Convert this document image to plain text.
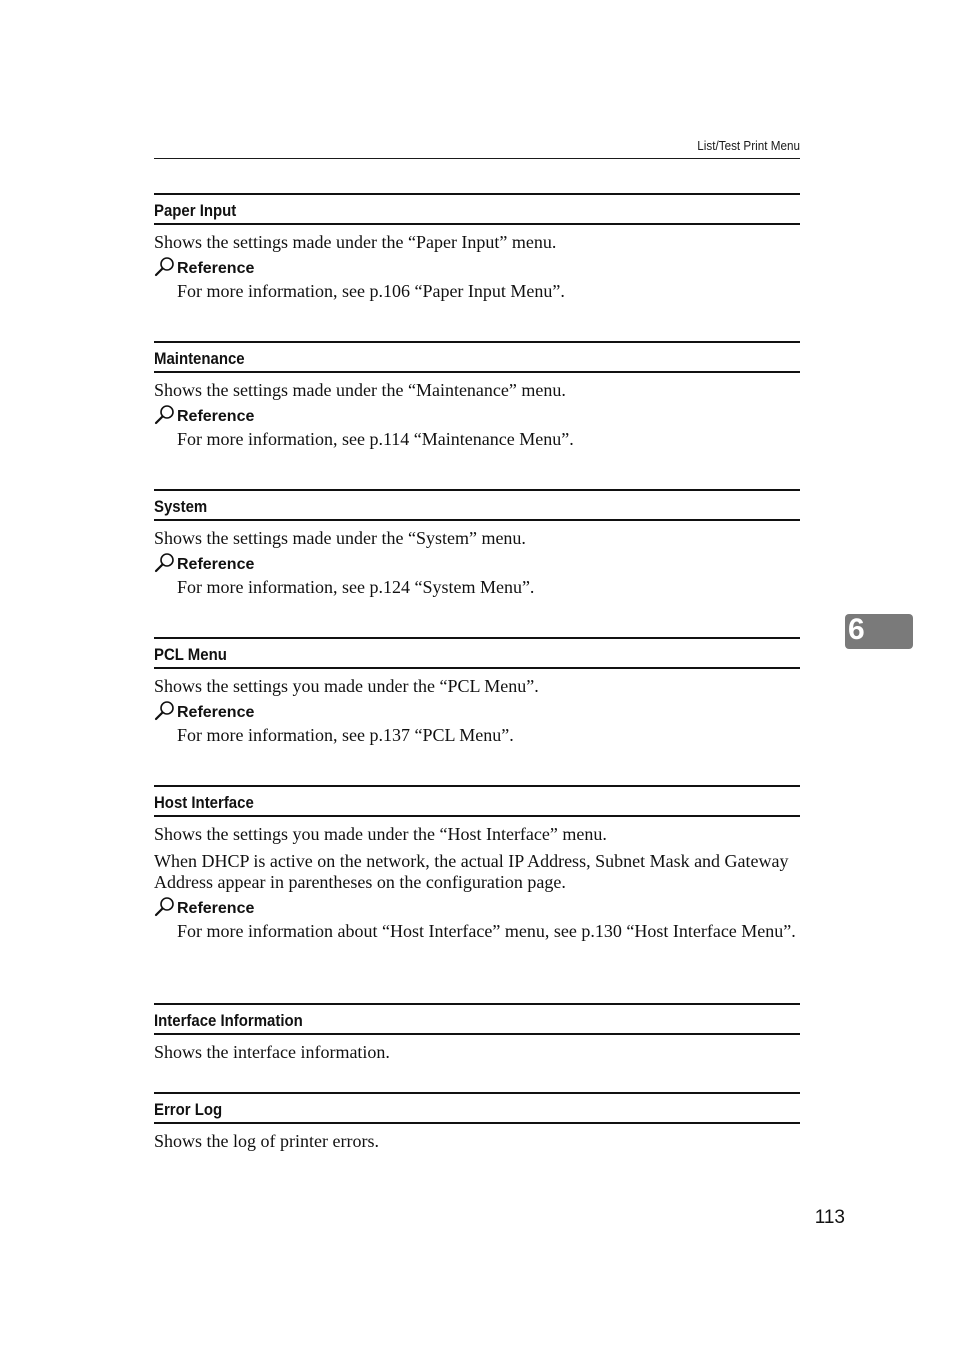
List/Test Print Menu
Paper Input

Shows the settings made under the “Paper Input” menu.

Reference

For more information, see p.106 “Paper Input Menu”.

Maintenance

Shows the settings made under the “Maintenance” menu.

Reference

For more information, see p.114 “Maintenance Menu”.

System

Shows the settings made under the “System” menu.

Reference

For more information, see p.124 “System Menu”.

PCL Menu

Shows the settings you made under the “PCL Menu”.

Reference

For more information, see p.137 “PCL Menu”.

Host Interface

Shows the settings you made under the “Host Interface” menu.

When DHCP is active on the network, the actual IP Address, Subnet Mask and Gateway Address appear in parentheses on the configuration page.

Reference

For more information about “Host Interface” menu, see p.130 “Host Interface Menu”.

Interface Information

Shows the interface information.

Error Log

Shows the log of printer errors.

6
113
